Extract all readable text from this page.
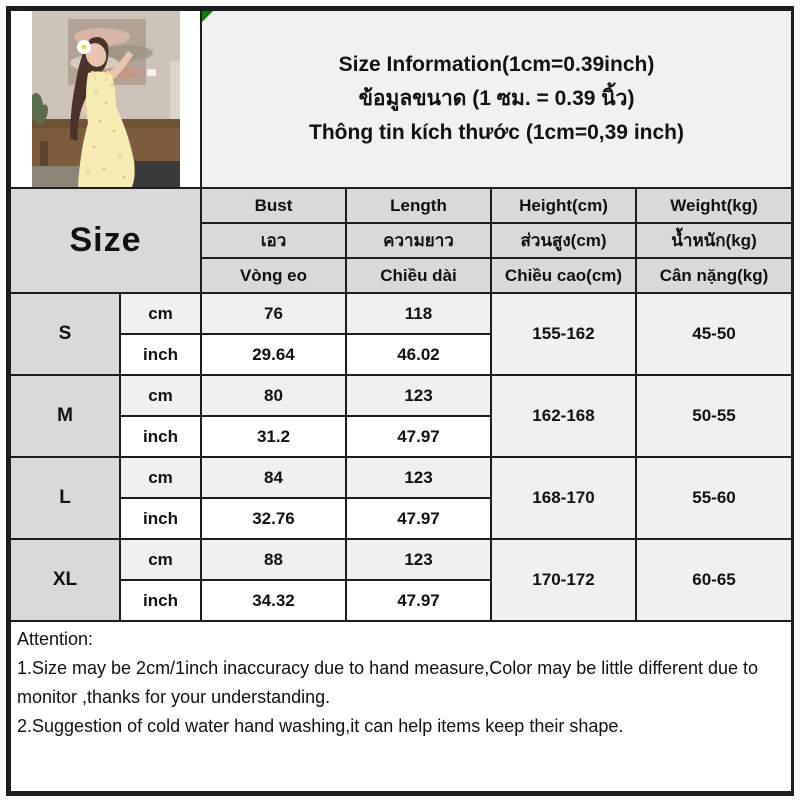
Size Information(1cm=0.39inch)
ข้อมูลขนาด (1 ซม. = 0.39 นิ้ว)
Thông tin kích thước (1cm=0,39 inch)			

Size		Bust	Length	Height(cm)	Weight(kg)
		เอว	ความยาว	ส่วนสูง(cm)	น้ำหนัก(kg)
		Vòng eo	Chiều dài	Chiều cao(cm)	Cân nặng(kg)
S	cm	76	118	155-162	45-50
	inch	29.64	46.02		
M	cm	80	123	162-168	50-55
	inch	31.2	47.97		
L	cm	84	123	168-170	55-60
	inch	32.76	47.97		
XL	cm	88	123	170-172	60-65
	inch	34.32	47.97		

Attention:
1.Size may be 2cm/1inch inaccuracy due to hand measure,Color may be little different due to monitor ,thanks for your understanding.
2.Suggestion of cold water hand washing,it can help items keep their shape.					
